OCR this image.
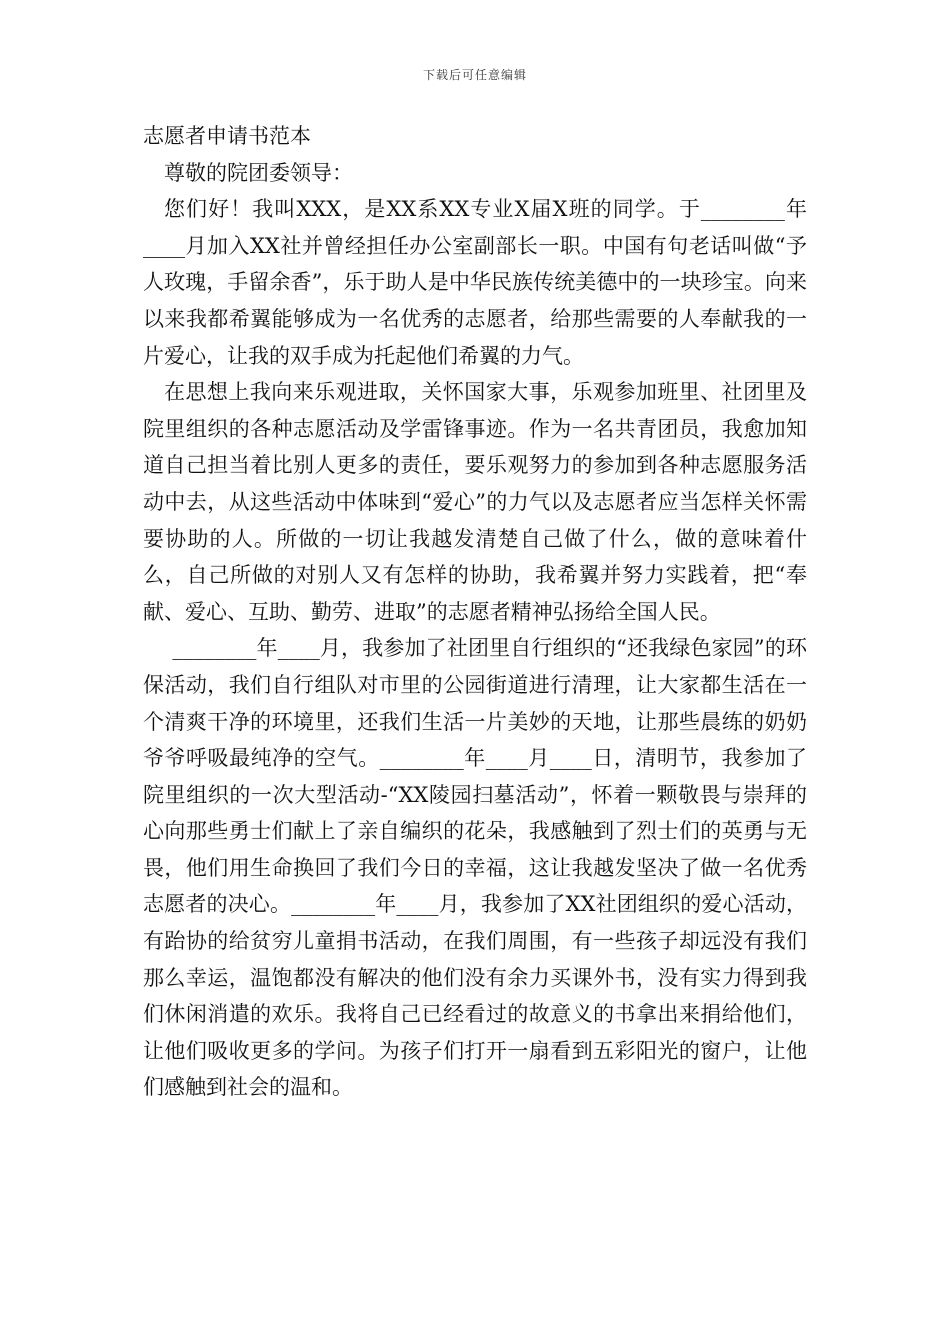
下载后可任意编辑

志愿者申请书范本

尊敬的院团委领导：

您们好！我叫XXX，是XX系XX专业X届X班的同学。于________年____月加入XX社并曾经担任办公室副部长一职。中国有句老话叫做“予人玫瑰，手留余香”，乐于助人是中华民族传统美德中的一块珍宝。向来以来我都希翼能够成为一名优秀的志愿者，给那些需要的人奉献我的一片爱心，让我的双手成为托起他们希翼的力气。

在思想上我向来乐观进取，关怀国家大事，乐观参加班里、社团里及院里组织的各种志愿活动及学雷锋事迹。作为一名共青团员，我愈加知道自己担当着比别人更多的责任，要乐观努力的参加到各种志愿服务活动中去，从这些活动中体味到“爱心”的力气以及志愿者应当怎样关怀需要协助的人。所做的一切让我越发清楚自己做了什么，做的意味着什么，自己所做的对别人又有怎样的协助，我希翼并努力实践着，把“奉献、爱心、互助、勤劳、进取”的志愿者精神弘扬给全国人民。

________年____月，我参加了社团里自行组织的“还我绿色家园”的环保活动，我们自行组队对市里的公园街道进行清理，让大家都生活在一个清爽干净的环境里，还我们生活一片美妙的天地，让那些晨练的奶奶爷爷呼吸最纯净的空气。________年____月____日，清明节，我参加了院里组织的一次大型活动-“XX陵园扫墓活动”，怀着一颗敬畏与崇拜的心向那些勇士们献上了亲自编织的花朵，我感触到了烈士们的英勇与无畏，他们用生命换回了我们今日的幸福，这让我越发坚决了做一名优秀志愿者的决心。________年____月，我参加了XX社团组织的爱心活动，有跆协的给贫穷儿童捐书活动，在我们周围，有一些孩子却远没有我们那么幸运，温饱都没有解决的他们没有余力买课外书，没有实力得到我们休闲消遣的欢乐。我将自己已经看过的故意义的书拿出来捐给他们，让他们吸收更多的学问。为孩子们打开一扇看到五彩阳光的窗户，让他们感触到社会的温和。
